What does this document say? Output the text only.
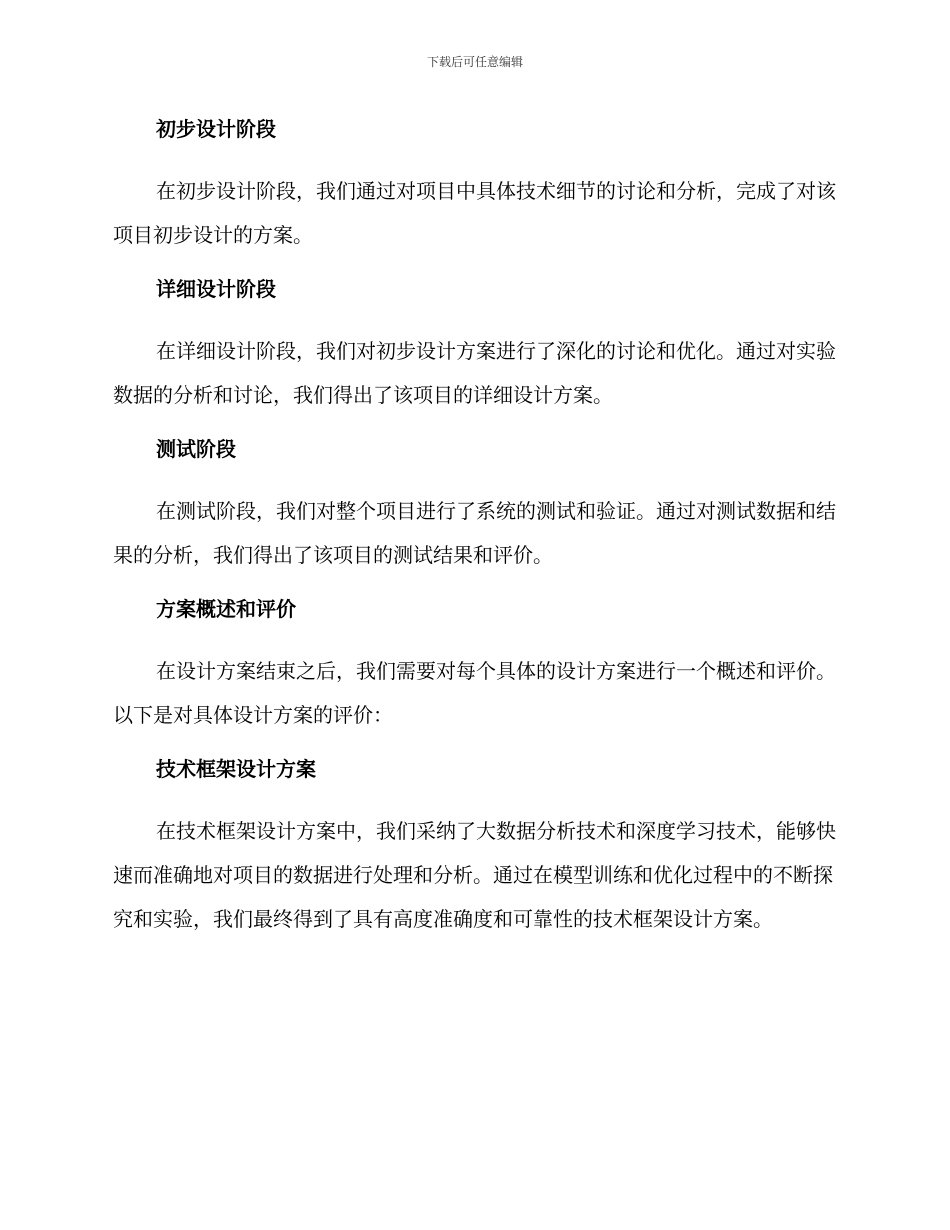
下载后可任意编辑
初步设计阶段

在初步设计阶段，我们通过对项目中具体技术细节的讨论和分析，完成了对该项目初步设计的方案。

详细设计阶段

在详细设计阶段，我们对初步设计方案进行了深化的讨论和优化。通过对实验数据的分析和讨论，我们得出了该项目的详细设计方案。

测试阶段

在测试阶段，我们对整个项目进行了系统的测试和验证。通过对测试数据和结果的分析，我们得出了该项目的测试结果和评价。

方案概述和评价

在设计方案结束之后，我们需要对每个具体的设计方案进行一个概述和评价。以下是对具体设计方案的评价：

技术框架设计方案

在技术框架设计方案中，我们采纳了大数据分析技术和深度学习技术，能够快速而准确地对项目的数据进行处理和分析。通过在模型训练和优化过程中的不断探究和实验，我们最终得到了具有高度准确度和可靠性的技术框架设计方案。
